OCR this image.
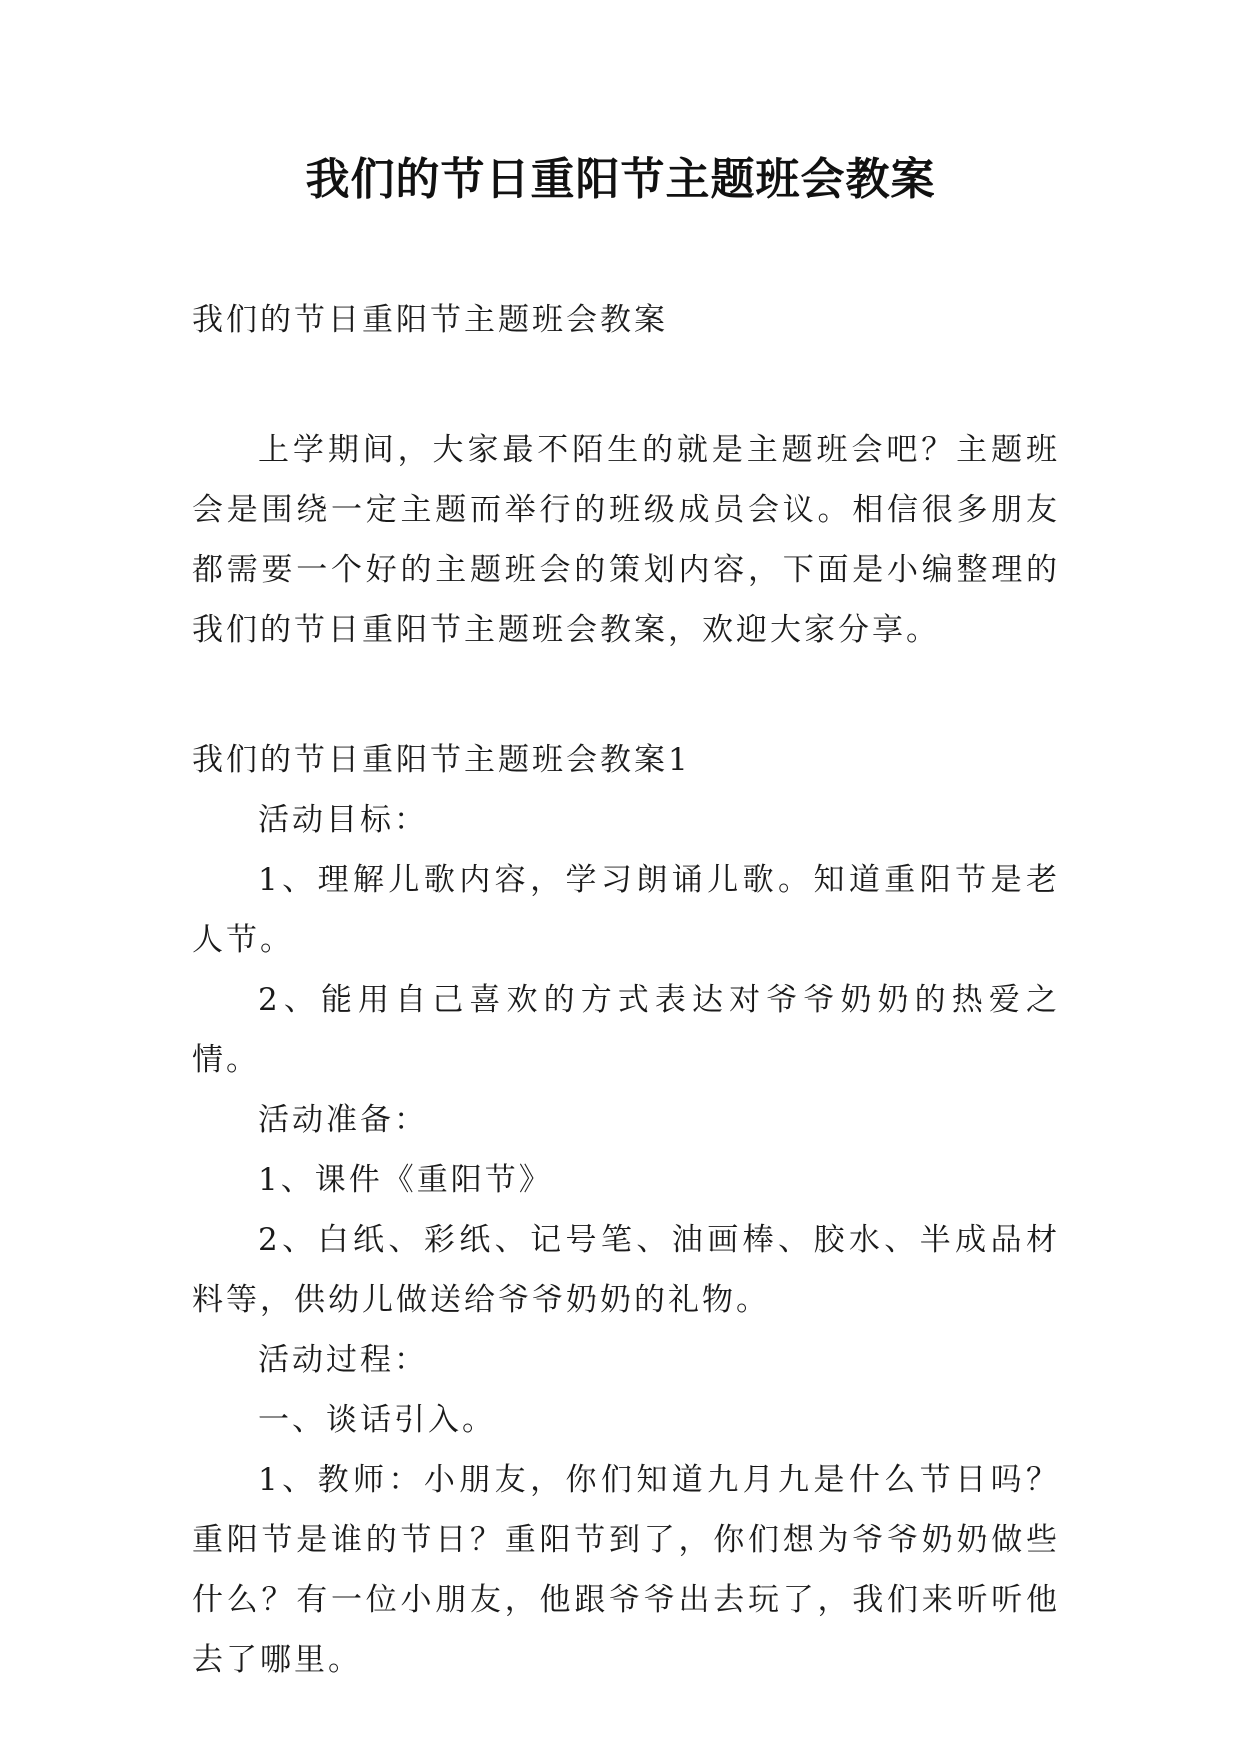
我们的节日重阳节主题班会教案

我们的节日重阳节主题班会教案

上学期间，大家最不陌生的就是主题班会吧？主题班会是围绕一定主题而举行的班级成员会议。相信很多朋友都需要一个好的主题班会的策划内容，下面是小编整理的我们的节日重阳节主题班会教案，欢迎大家分享。

我们的节日重阳节主题班会教案1

活动目标：

1、理解儿歌内容，学习朗诵儿歌。知道重阳节是老人节。

2、能用自己喜欢的方式表达对爷爷奶奶的热爱之情。

活动准备：

1、课件《重阳节》

2、白纸、彩纸、记号笔、油画棒、胶水、半成品材料等，供幼儿做送给爷爷奶奶的礼物。

活动过程：

一、谈话引入。

1、教师：小朋友，你们知道九月九是什么节日吗？重阳节是谁的节日？重阳节到了，你们想为爷爷奶奶做些什么？有一位小朋友，他跟爷爷出去玩了，我们来听听他去了哪里。
